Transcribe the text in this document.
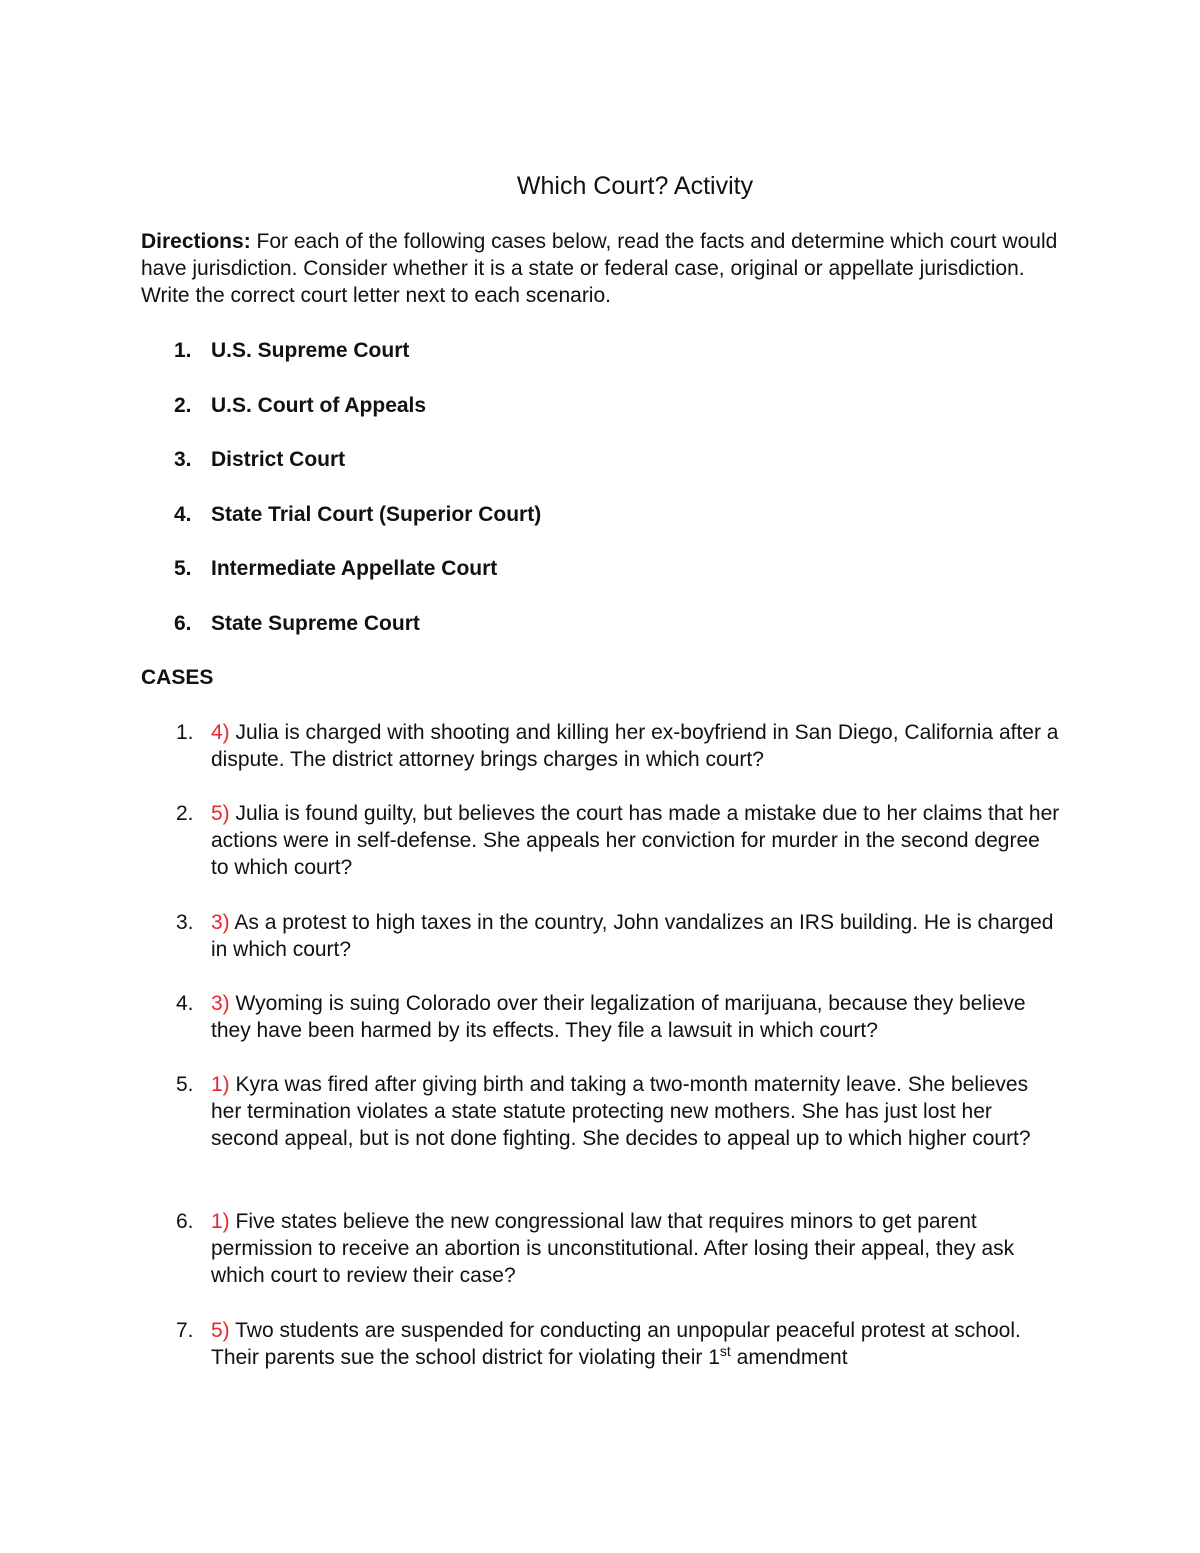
Which Court? Activity
Directions: For each of the following cases below, read the facts and determine which court would have jurisdiction. Consider whether it is a state or federal case, original or appellate jurisdiction. Write the correct court letter next to each scenario.
1. U.S. Supreme Court
2. U.S. Court of Appeals
3. District Court
4. State Trial Court (Superior Court)
5. Intermediate Appellate Court
6. State Supreme Court
CASES
1. 4) Julia is charged with shooting and killing her ex-boyfriend in San Diego, California after a dispute. The district attorney brings charges in which court?
2. 5) Julia is found guilty, but believes the court has made a mistake due to her claims that her actions were in self-defense. She appeals her conviction for murder in the second degree to which court?
3. 3) As a protest to high taxes in the country, John vandalizes an IRS building. He is charged in which court?
4. 3) Wyoming is suing Colorado over their legalization of marijuana, because they believe they have been harmed by its effects. They file a lawsuit in which court?
5. 1) Kyra was fired after giving birth and taking a two-month maternity leave. She believes her termination violates a state statute protecting new mothers. She has just lost her second appeal, but is not done fighting. She decides to appeal up to which higher court?
6. 1) Five states believe the new congressional law that requires minors to get parent permission to receive an abortion is unconstitutional. After losing their appeal, they ask which court to review their case?
7. 5) Two students are suspended for conducting an unpopular peaceful protest at school. Their parents sue the school district for violating their 1st amendment
